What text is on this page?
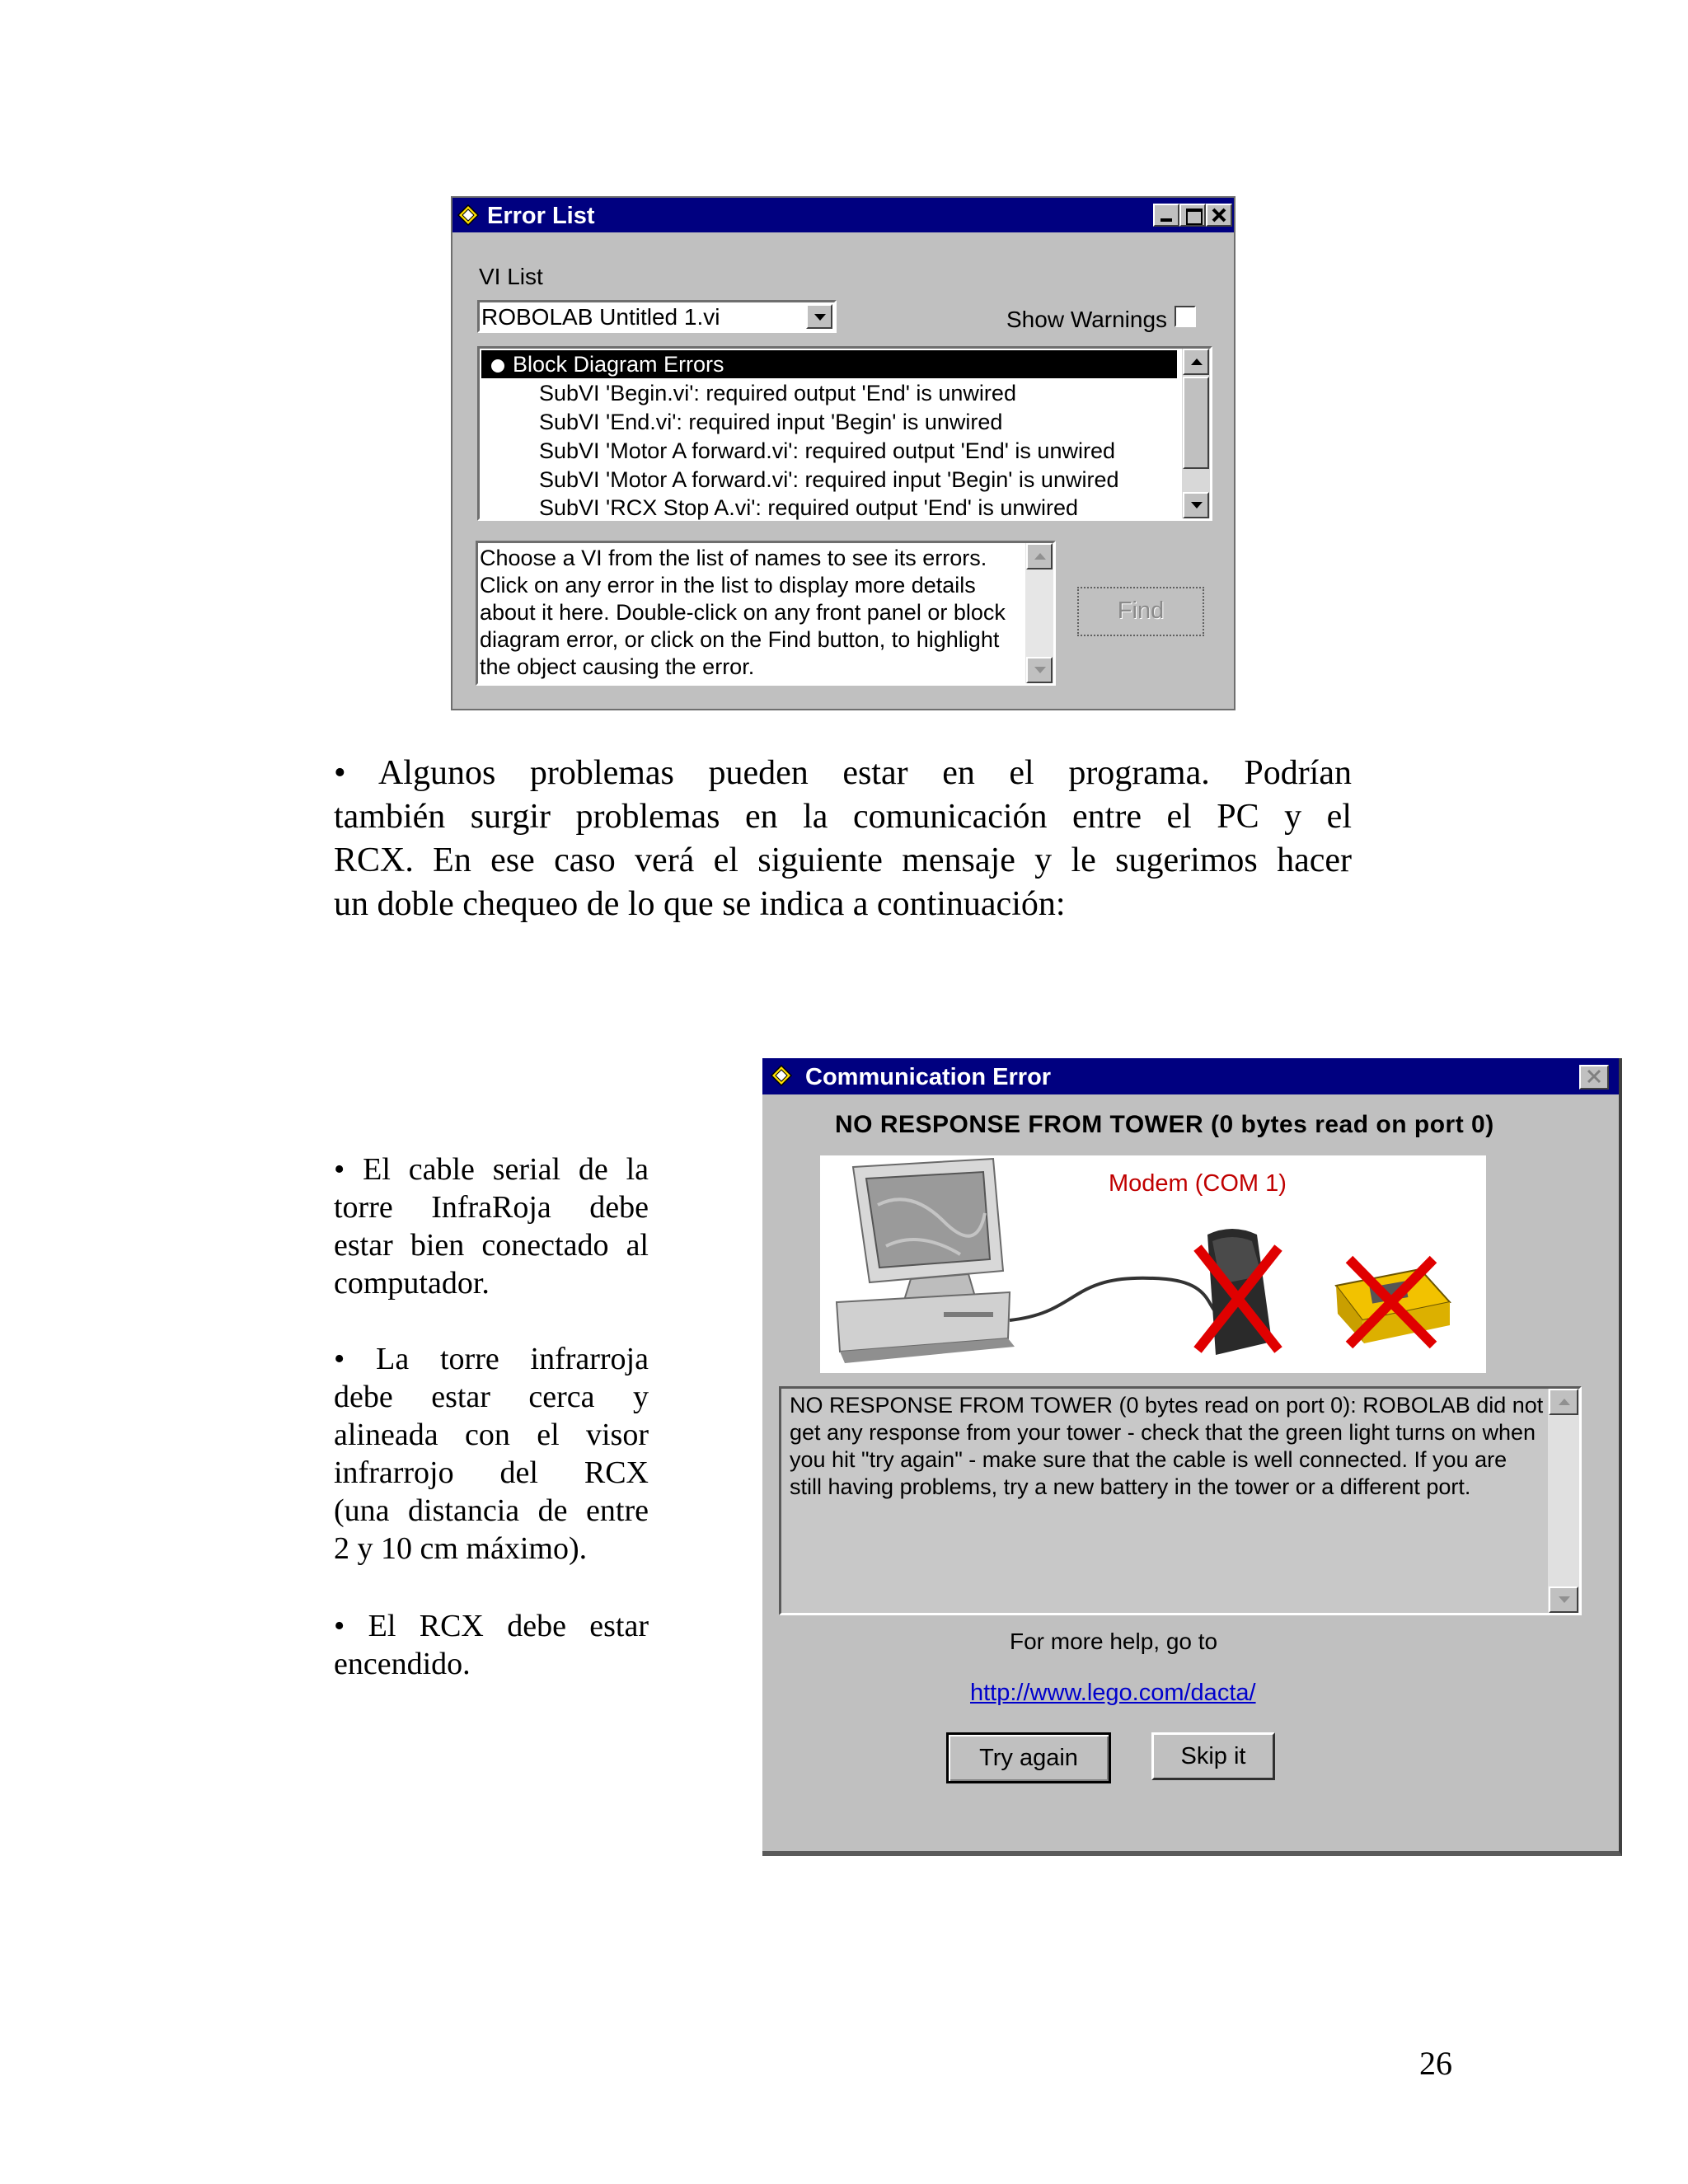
Error List
VI List
ROBOLAB Untitled 1.vi	Show Warnings
Block Diagram Errors
SubVI 'Begin.vi': required output 'End' is unwired
SubVI 'End.vi': required input 'Begin' is unwired
SubVI 'Motor A forward.vi': required output 'End' is unwired
SubVI 'Motor A forward.vi': required input 'Begin' is unwired
SubVI 'RCX Stop A.vi': required output 'End' is unwired
Choose a VI from the list of names to see its errors.
Click on any error in the list to display more details
about it here. Double-click on any front panel or block
diagram error, or click on the Find button, to highlight
the object causing the error.
Find
• Algunos problemas pueden estar en el programa. Podrían
también surgir problemas en la comunicación entre el PC y el
RCX. En ese caso verá el siguiente mensaje y le sugerimos hacer
un doble chequeo de lo que se indica a continuación:
• El cable serial de la
torre InfraRoja debe
estar bien conectado al
computador.
• La torre infrarroja
debe estar cerca y
alineada con el visor
infrarrojo del RCX
(una distancia de entre
2 y 10 cm máximo).
• El RCX debe estar
encendido.
Communication Error
NO RESPONSE FROM TOWER (0 bytes read on port 0)
Modem (COM 1)
NO RESPONSE FROM TOWER (0 bytes read on port 0): ROBOLAB did not
get any response from your tower - check that the green light turns on when
you hit "try again" - make sure that the cable is well connected. If you are
still having problems, try a new battery in the tower or a different port.
For more help, go to
http://www.lego.com/dacta/
Try again	Skip it
26
